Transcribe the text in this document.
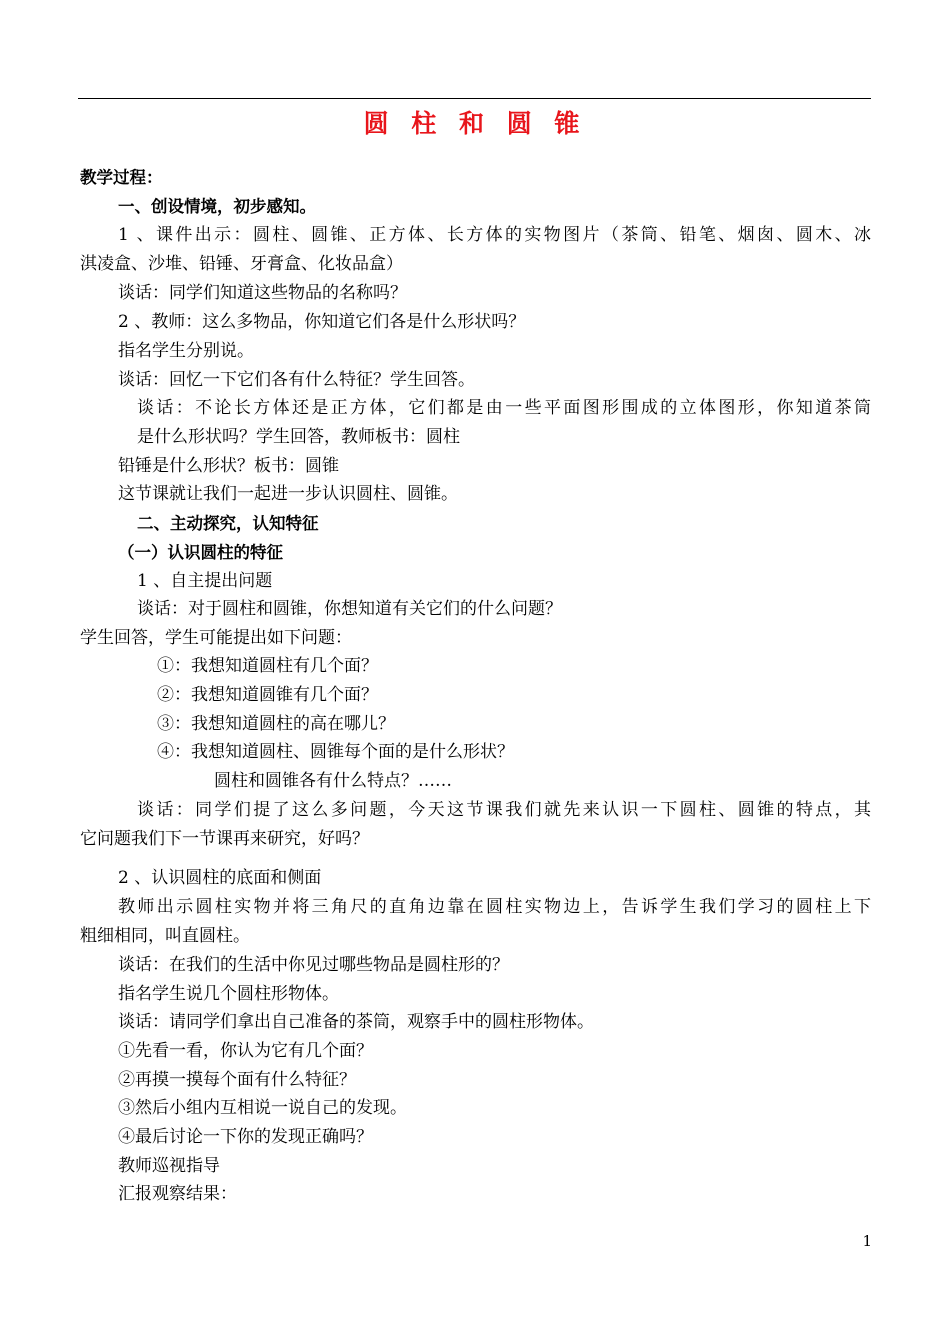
圆 柱 和 圆 锥
教学过程：
一、创设情境，初步感知。
1 、课件出示：圆柱、圆锥、正方体、长方体的实物图片（茶筒、铅笔、烟囱、圆木、冰
淇凌盒、沙堆、铅锤、牙膏盒、化妆品盒）
谈话：同学们知道这些物品的名称吗？
2 、教师：这么多物品，你知道它们各是什么形状吗？
指名学生分别说。
谈话：回忆一下它们各有什么特征？学生回答。
谈话：不论长方体还是正方体，它们都是由一些平面图形围成的立体图形，你知道茶筒
是什么形状吗？学生回答，教师板书：圆柱
铅锤是什么形状？板书：圆锥
这节课就让我们一起进一步认识圆柱、圆锥。
二、主动探究，认知特征
（一）认识圆柱的特征
1 、自主提出问题
谈话：对于圆柱和圆锥，你想知道有关它们的什么问题？
学生回答，学生可能提出如下问题：
①：我想知道圆柱有几个面？
②：我想知道圆锥有几个面？
③：我想知道圆柱的高在哪儿？
④：我想知道圆柱、圆锥每个面的是什么形状？
圆柱和圆锥各有什么特点？……
谈话：同学们提了这么多问题，今天这节课我们就先来认识一下圆柱、圆锥的特点，其
它问题我们下一节课再来研究，好吗？
2 、认识圆柱的底面和侧面
教师出示圆柱实物并将三角尺的直角边靠在圆柱实物边上，告诉学生我们学习的圆柱上下
粗细相同，叫直圆柱。
谈话：在我们的生活中你见过哪些物品是圆柱形的？
指名学生说几个圆柱形物体。
谈话：请同学们拿出自己准备的茶筒，观察手中的圆柱形物体。
①先看一看，你认为它有几个面？
②再摸一摸每个面有什么特征？
③然后小组内互相说一说自己的发现。
④最后讨论一下你的发现正确吗？
教师巡视指导
汇报观察结果：
1
